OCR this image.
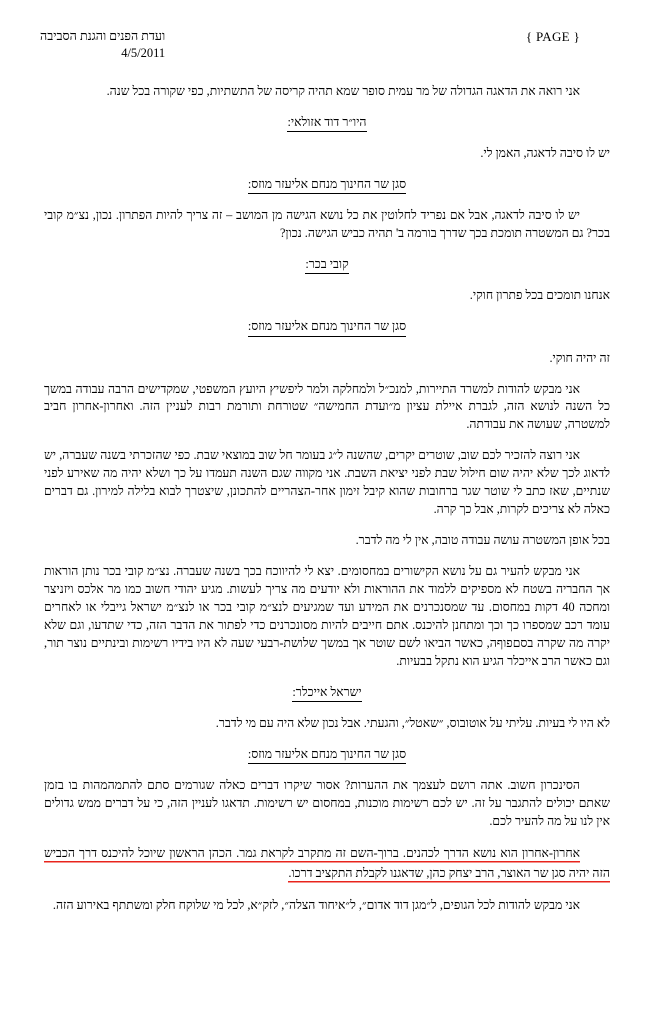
ועדת הפנים והגנת הסביבה
4/5/2011
{ PAGE }

אני רואה את הדאגה הגדולה של מר עמית סופר שמא תהיה קריסה של התשתיות, כפי שקורה בכל שנה.

היו״ר דוד אזולאי:

יש לו סיבה לדאגה, האמן לי.

סגן שר החינוך מנחם אליעזר מוזס:

יש לו סיבה לדאגה, אבל אם נפריד לחלוטין את כל נושא הגישה מן המושב – זה צריך להיות הפתרון. נכון, נצ״מ קובי בכר? גם המשטרה תומכת בכך שדרך בורמה ב' תהיה כביש הגישה. נכון?

קובי בכר:

אנחנו תומכים בכל פתרון חוקי.

סגן שר החינוך מנחם אליעזר מוזס:

זה יהיה חוקי.

אני מבקש להודות למשרד התיירות, למנכ״ל ולמחלקה ולמר ליפשיץ היועץ המשפטי, שמקדישים הרבה עבודה במשך כל השנה לנושא הזה, לגברת איילת עציון מ״ועדת החמישה״ שטורחת ותורמת רבות לעניין הזה. ואחרון-אחרון חביב למשטרה, שעושה את עבודתה.

אני רוצה להזכיר לכם שוב, שוטרים יקרים, שהשנה ל״ג בעומר חל שוב במוצאי שבת. כפי שהזכרתי בשנה שעברה, יש לדאוג לכך שלא יהיה שום חילול שבת לפני יציאת השבת. אני מקווה שגם השנה תעמדו על כך ושלא יהיה מה שאירע לפני שנתיים, שאז כתב לי שוטר שגר ברחובות שהוא קיבל זימון אחר-הצהריים להתכונן, שיצטרך לבוא בלילה למירון. גם דברים כאלה לא צריכים לקרות, אבל כך קרה.

בכל אופן המשטרה עושה עבודה טובה, אין לי מה לדבר.

אני מבקש להעיר גם על נושא הקישורים במחסומים. יצא לי להיווכח בכך בשנה שעברה. נצ״מ קובי בכר נותן הוראות אך החבריה בשטח לא מספיקים ללמוד את ההוראות ולא יודעים מה צריך לעשות. מגיע יהודי חשוב כמו מר אלכס ויזניצר ומחכה 40 דקות במחסום. עד שמסנכרנים את המידע ועד שמגיעים לנצ״מ קובי בכר או לנצ״מ ישראל גייבלי או לאחרים עומד רכב שמספרו כך וכך ומתחנן להיכנס. אתם חייבים להיות מסונכרנים כדי לפתור את הדבר הזה, כדי שתדעו, וגם שלא יקרה מה שקרה בסםפוףה, כאשר הביאו לשם שוטר אך במשך שלושת-רבעי שעה לא היו בידיו רשימות ובינתיים נוצר תור, וגם כאשר הרב אייכלר הגיע הוא נתקל בבעיות.

ישראל אייכלר:

לא היו לי בעיות. עליתי על אוטובוס, ״שאטל״, והגעתי. אבל נכון שלא היה עם מי לדבר.

סגן שר החינוך מנחם אליעזר מוזס:

הסינכרון חשוב. אתה רושם לעצמך את ההערות? אסור שיקרו דברים כאלה שגורמים סתם להתמהמהות בו בזמן שאתם יכולים להתגבר על זה. יש לכם רשימות מוכנות, במחסום יש רשימות. תדאגו לעניין הזה, כי על דברים ממש גדולים אין לנו על מה להעיר לכם.

אחרון-אחרון הוא נושא הדרך לכהנים. ברוך-השם זה מתקרב לקראת גמר. הכהן הראשון שיוכל להיכנס דרך הכביש הזה יהיה סגן שר האוצר, הרב יצחק כהן, שדאגנו לקבלת התקציב דרכו.

אני מבקש להודות לכל הגופים, ל״מגן דוד אדום״, ל״איחוד הצלה״, לזק״א, לכל מי שלוקח חלק ומשתתף באירוע הזה.
